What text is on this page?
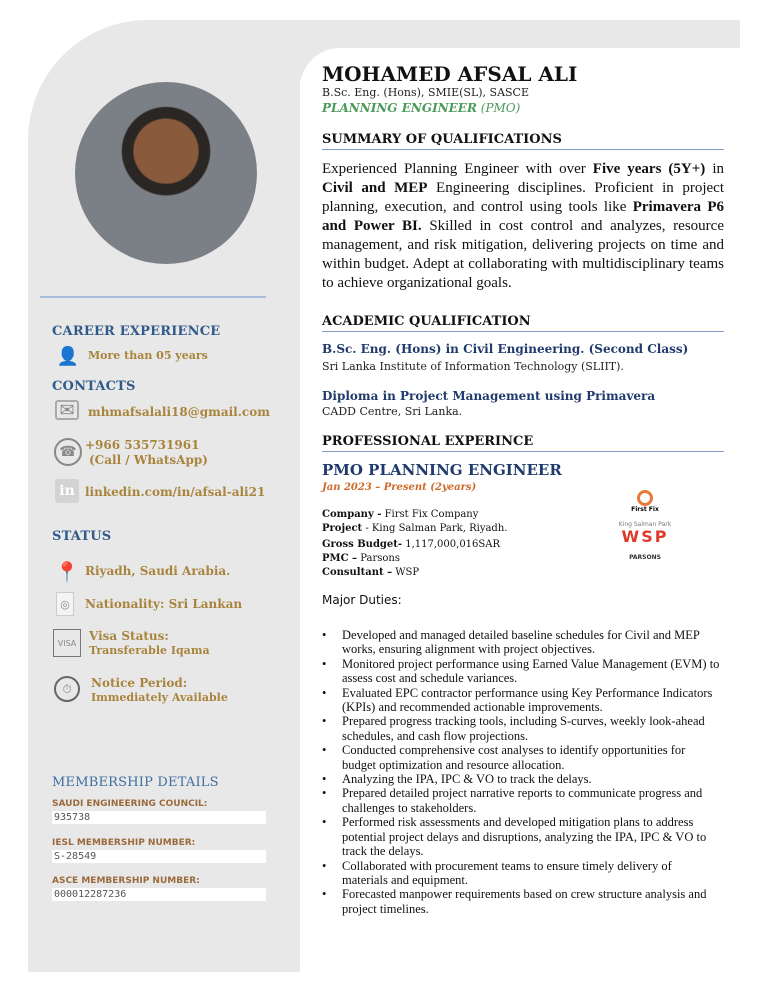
MOHAMED AFSAL ALI
B.Sc. Eng. (Hons), SMIE(SL), SASCE
PLANNING ENGINEER (PMO)
SUMMARY OF QUALIFICATIONS
Experienced Planning Engineer with over Five years (5Y+) in Civil and MEP Engineering disciplines. Proficient in project planning, execution, and control using tools like Primavera P6 and Power BI. Skilled in cost control and analyzes, resource management, and risk mitigation, delivering projects on time and within budget. Adept at collaborating with multidisciplinary teams to achieve organizational goals.
CAREER EXPERIENCE
👤 More than 05 years
CONTACTS
✉	mhmafsalali18@gmail.com
☎ +966 535731961
(Call / WhatsApp)
in linkedin.com/in/afsal-ali21
STATUS
📍 Riyadh, Saudi Arabia.
◎	Nationality: Sri Lankan
VISA	Visa Status:
Transferable Iqama
⏱	Notice Period:
Immediately Available
MEMBERSHIP DETAILS
SAUDI ENGINEERING COUNCIL:
935738
IESL MEMBERSHIP NUMBER:
S-28549
ASCE MEMBERSHIP NUMBER:
000012287236
ACADEMIC QUALIFICATION
B.Sc. Eng. (Hons) in Civil Engineering. (Second Class)
Sri Lanka Institute of Information Technology (SLIIT).
Diploma in Project Management using Primavera
CADD Centre, Sri Lanka.
PROFESSIONAL EXPERINCE
PMO PLANNING ENGINEER
Jan 2023 – Present (2years)
Company - First Fix Company
Project - King Salman Park, Riyadh.
Gross Budget- 1,117,000,016SAR
PMC – Parsons
Consultant – WSP
First Fix
King Salman Park
WSP
PARSONS
Major Duties:
• Developed and managed detailed baseline schedules for Civil and MEP works, ensuring alignment with project objectives.
• Monitored project performance using Earned Value Management (EVM) to assess cost and schedule variances.
• Evaluated EPC contractor performance using Key Performance Indicators (KPIs) and recommended actionable improvements.
• Prepared progress tracking tools, including S-curves, weekly look-ahead schedules, and cash flow projections.
• Conducted comprehensive cost analyses to identify opportunities for budget optimization and resource allocation.
• Analyzing the IPA, IPC & VO to track the delays.
• Prepared detailed project narrative reports to communicate progress and challenges to stakeholders.
• Performed risk assessments and developed mitigation plans to address potential project delays and disruptions, analyzing the IPA, IPC & VO to track the delays.
• Collaborated with procurement teams to ensure timely delivery of materials and equipment.
• Forecasted manpower requirements based on crew structure analysis and project timelines.
